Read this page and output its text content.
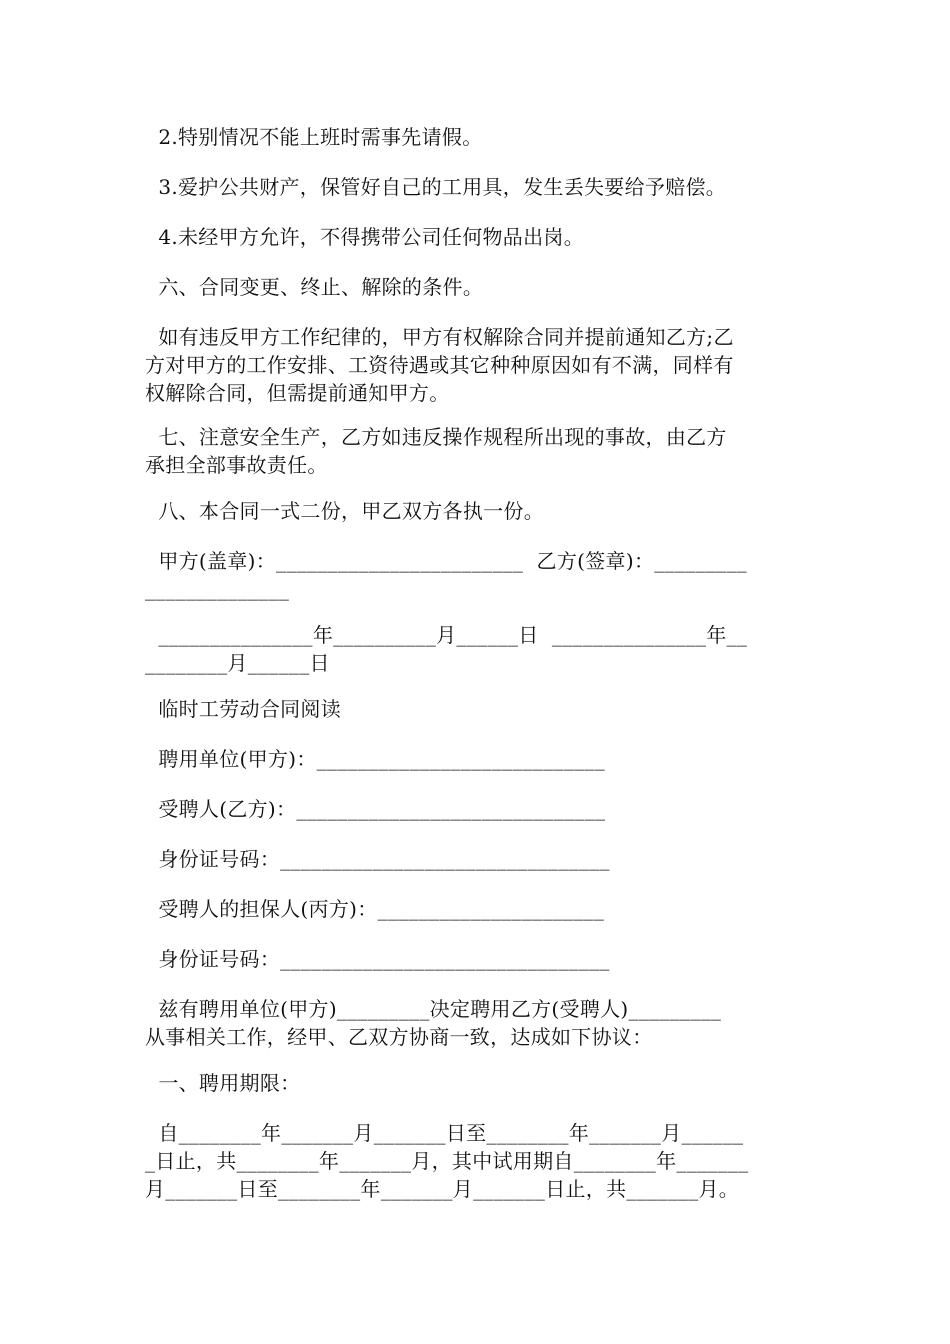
2.特别情况不能上班时需事先请假。
3.爱护公共财产，保管好自己的工用具，发生丢失要给予赔偿。
4.未经甲方允许，不得携带公司任何物品出岗。
六、合同变更、终止、解除的条件。
如有违反甲方工作纪律的，甲方有权解除合同并提前通知乙方;乙
方对甲方的工作安排、工资待遇或其它种种原因如有不满，同样有
权解除合同，但需提前通知甲方。
七、注意安全生产，乙方如违反操作规程所出现的事故，由乙方
承担全部事故责任。
八、本合同一式二份，甲乙双方各执一份。
甲方(盖章)：________________________  乙方(签章)：_________
______________
_______________年__________月______日  _______________年__
________月______日
临时工劳动合同阅读
聘用单位(甲方)：____________________________
受聘人(乙方)：______________________________
身份证号码：________________________________
受聘人的担保人(丙方)：______________________
身份证号码：________________________________
兹有聘用单位(甲方)_________决定聘用乙方(受聘人)_________
从事相关工作，经甲、乙双方协商一致，达成如下协议：
一、聘用期限：
自________年_______月_______日至________年_______月______
_日止，共________年_______月，其中试用期自________年_______
月_______日至________年_______月_______日止，共_______月。
